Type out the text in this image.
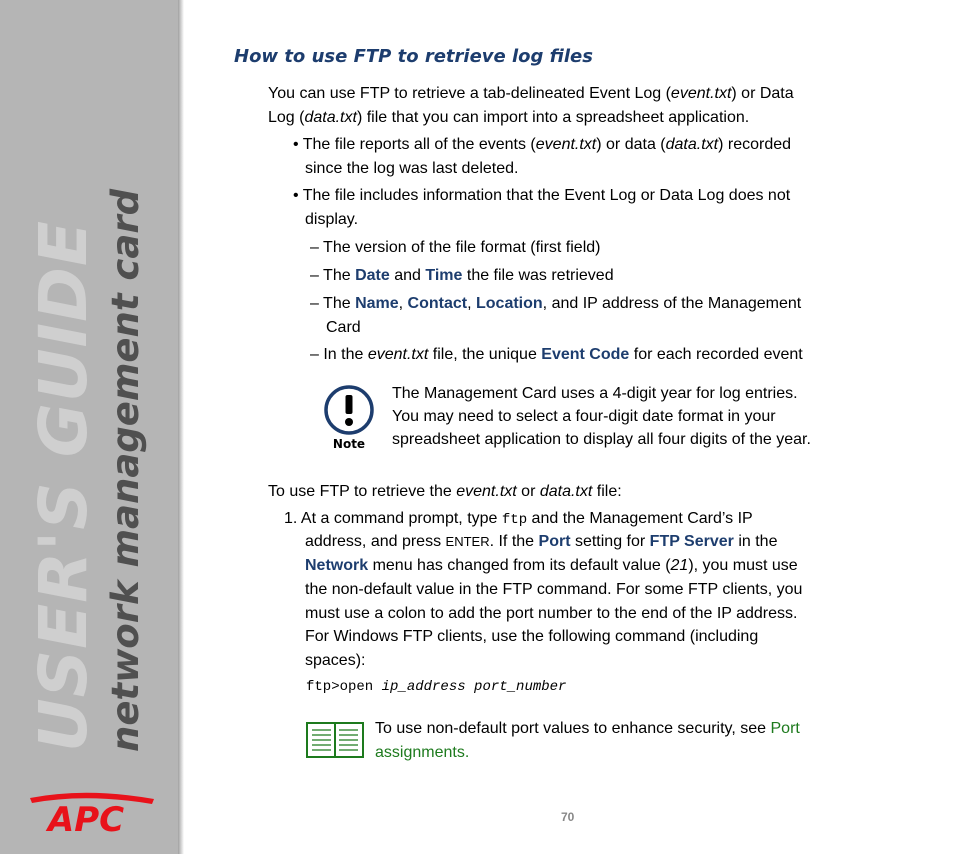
USER'S GUIDE network management card
APC
How to use FTP to retrieve log files
You can use FTP to retrieve a tab-delineated Event Log (event.txt) or Data
Log (data.txt) file that you can import into a spreadsheet application.
• The file reports all of the events (event.txt) or data (data.txt) recorded
since the log was last deleted.
• The file includes information that the Event Log or Data Log does not
display.
– The version of the file format (first field)
– The Date and Time the file was retrieved
– The Name, Contact, Location, and IP address of the Management
Card
– In the event.txt file, the unique Event Code for each recorded event
Note
The Management Card uses a 4-digit year for log entries.
You may need to select a four-digit date format in your
spreadsheet application to display all four digits of the year.
To use FTP to retrieve the event.txt or data.txt file:
1. At a command prompt, type ftp and the Management Card’s IP
address, and press ENTER. If the Port setting for FTP Server in the
Network menu has changed from its default value (21), you must use
the non-default value in the FTP command. For some FTP clients, you
must use a colon to add the port number to the end of the IP address.
For Windows FTP clients, use the following command (including
spaces):
ftp>open ip_address port_number
To use non-default port values to enhance security, see Port
assignments.
70
